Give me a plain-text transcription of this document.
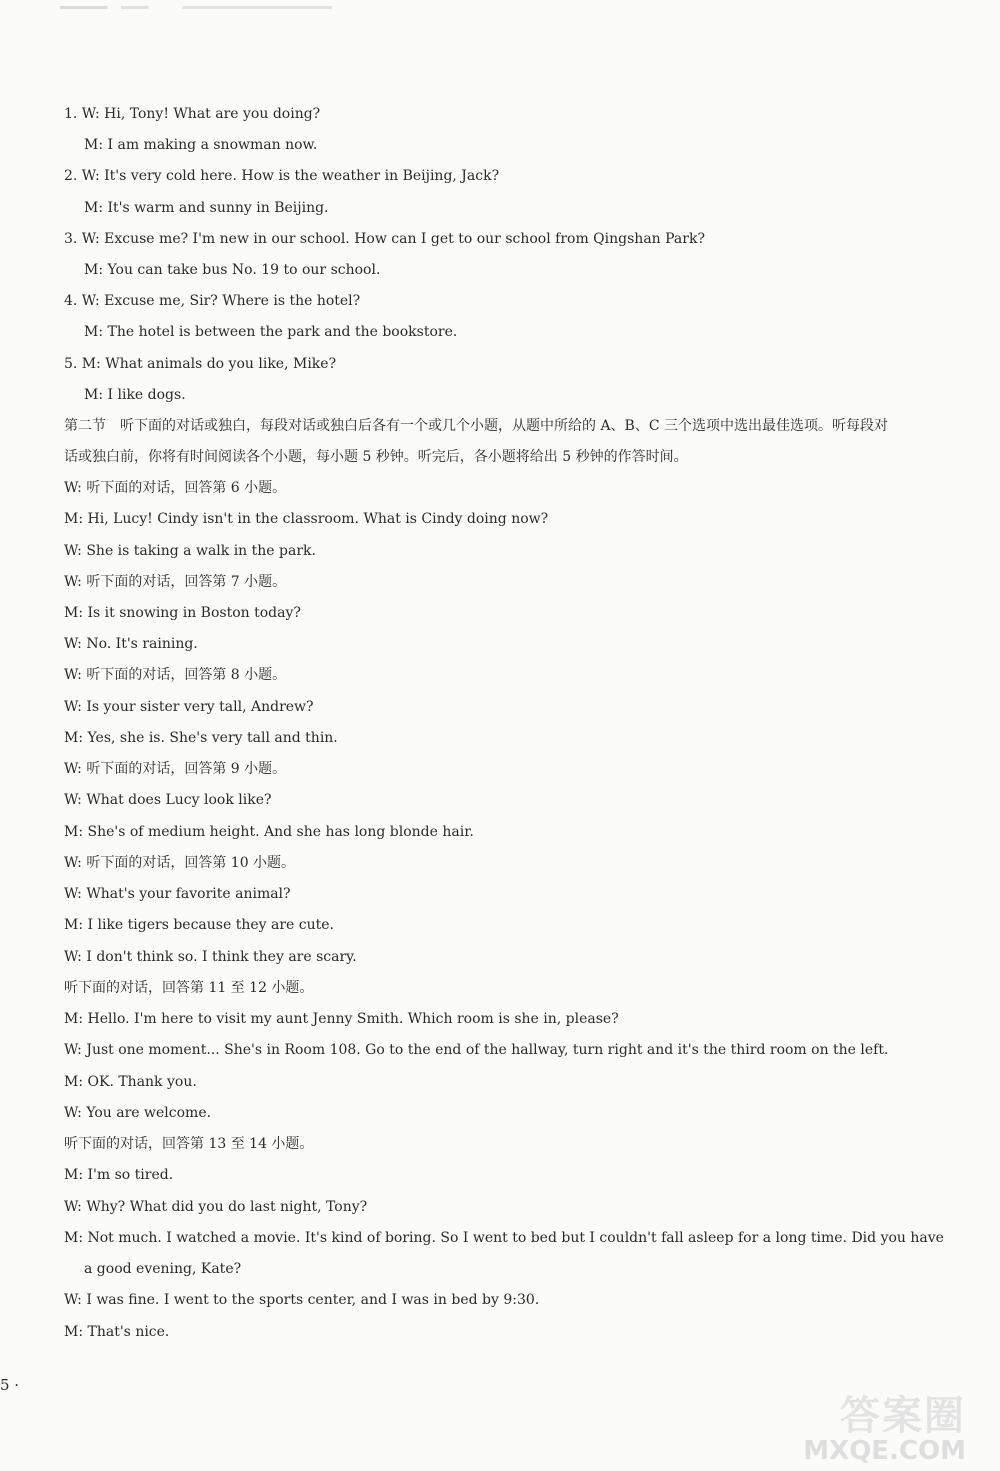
1. W: Hi, Tony! What are you doing?
M: I am making a snowman now.
2. W: It's very cold here. How is the weather in Beijing, Jack?
M: It's warm and sunny in Beijing.
3. W: Excuse me? I'm new in our school. How can I get to our school from Qingshan Park?
M: You can take bus No. 19 to our school.
4. W: Excuse me, Sir? Where is the hotel?
M: The hotel is between the park and the bookstore.
5. M: What animals do you like, Mike?
M: I like dogs.
第二节　听下面的对话或独白，每段对话或独白后各有一个或几个小题，从题中所给的 A、B、C 三个选项中选出最佳选项。听每段对话或独白前，你将有时间阅读各个小题，每小题 5 秒钟。听完后，各小题将给出 5 秒钟的作答时间。
W: 听下面的对话，回答第 6 小题。
M: Hi, Lucy! Cindy isn't in the classroom. What is Cindy doing now?
W: She is taking a walk in the park.
W: 听下面的对话，回答第 7 小题。
M: Is it snowing in Boston today?
W: No. It's raining.
W: 听下面的对话，回答第 8 小题。
W: Is your sister very tall, Andrew?
M: Yes, she is. She's very tall and thin.
W: 听下面的对话，回答第 9 小题。
W: What does Lucy look like?
M: She's of medium height. And she has long blonde hair.
W: 听下面的对话，回答第 10 小题。
W: What's your favorite animal?
M: I like tigers because they are cute.
W: I don't think so. I think they are scary.
听下面的对话，回答第 11 至 12 小题。
M: Hello. I'm here to visit my aunt Jenny Smith. Which room is she in, please?
W: Just one moment... She's in Room 108. Go to the end of the hallway, turn right and it's the third room on the left.
M: OK. Thank you.
W: You are welcome.
听下面的对话，回答第 13 至 14 小题。
M: I'm so tired.
W: Why? What did you do last night, Tony?
M: Not much. I watched a movie. It's kind of boring. So I went to bed but I couldn't fall asleep for a long time. Did you have
a good evening, Kate?
W: I was fine. I went to the sports center, and I was in bed by 9:30.
M: That's nice.
5 ·
答案圈
MXQE.COM
